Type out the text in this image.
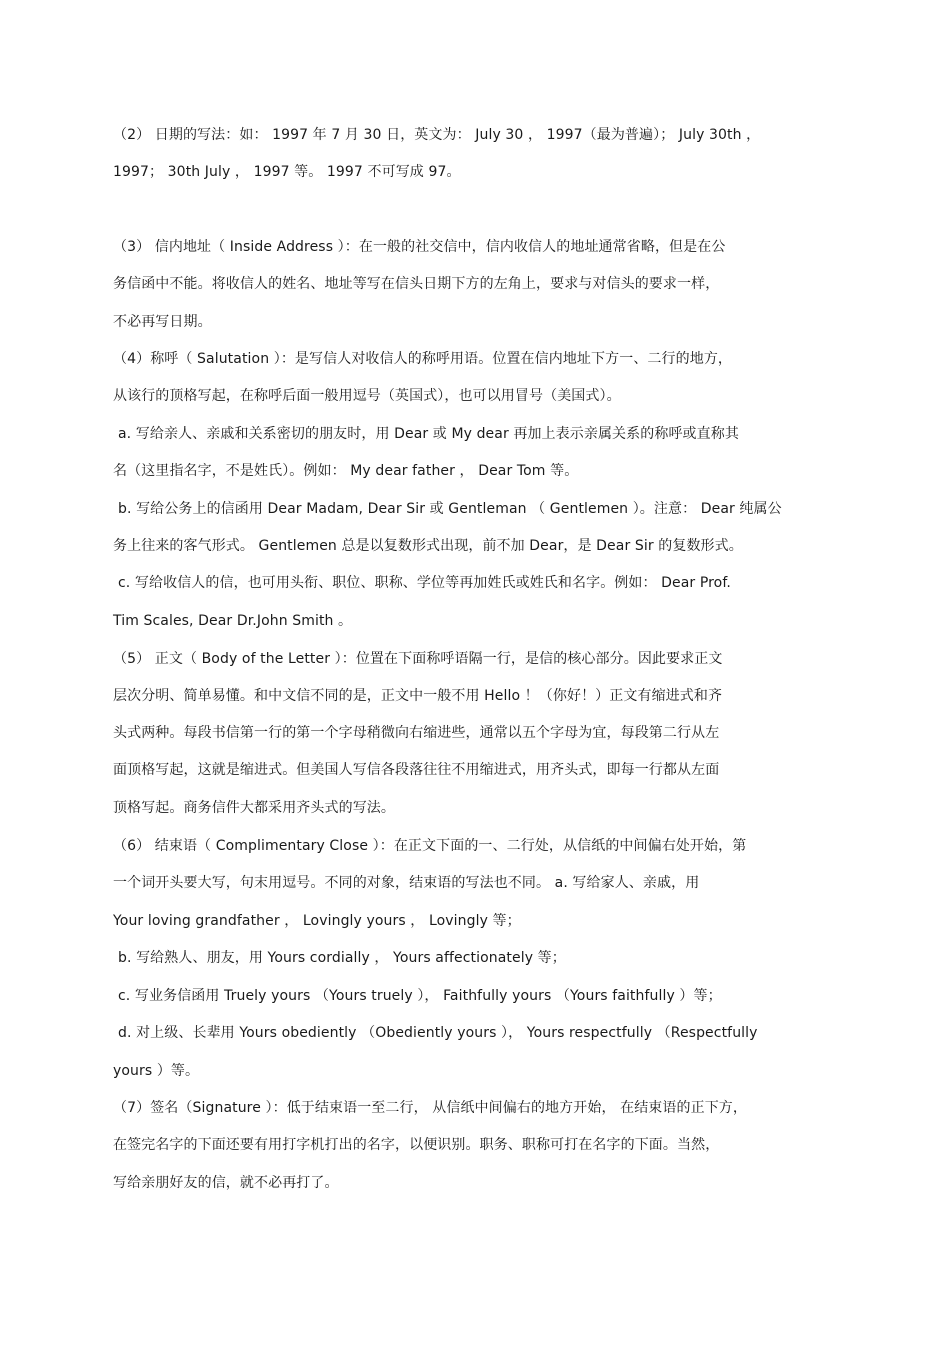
（2） 日期的写法：如： 1997 年 7 月 30 日，英文为： July 30 ， 1997（最为普遍）； July 30th ，
1997； 30th July ， 1997 等。 1997 不可写成 97。
（3） 信内地址（ Inside Address ）：在一般的社交信中，信内收信人的地址通常省略，但是在公
务信函中不能。将收信人的姓名、地址等写在信头日期下方的左角上，要求与对信头的要求一样，
不必再写日期。
（4）称呼（ Salutation ）：是写信人对收信人的称呼用语。位置在信内地址下方一、二行的地方，
从该行的顶格写起，在称呼后面一般用逗号（英国式），也可以用冒号（美国式）。
a. 写给亲人、亲戚和关系密切的朋友时，用 Dear 或 My dear 再加上表示亲属关系的称呼或直称其
名（这里指名字，不是姓氏）。例如： My dear father ， Dear Tom 等。
b. 写给公务上的信函用 Dear Madam, Dear Sir 或 Gentleman （ Gentlemen ）。注意： Dear 纯属公
务上往来的客气形式。 Gentlemen 总是以复数形式出现，前不加 Dear，是 Dear Sir 的复数形式。
c. 写给收信人的信，也可用头衔、职位、职称、学位等再加姓氏或姓氏和名字。例如： Dear Prof.
Tim Scales, Dear Dr.John Smith 。
（5） 正文（ Body of the Letter ）：位置在下面称呼语隔一行，是信的核心部分。因此要求正文
层次分明、简单易懂。和中文信不同的是，正文中一般不用 Hello ！（你好！）正文有缩进式和齐
头式两种。每段书信第一行的第一个字母稍微向右缩进些，通常以五个字母为宜，每段第二行从左
面顶格写起，这就是缩进式。但美国人写信各段落往往不用缩进式，用齐头式，即每一行都从左面
顶格写起。商务信件大都采用齐头式的写法。
（6） 结束语（ Complimentary Close ）：在正文下面的一、二行处，从信纸的中间偏右处开始，第
一个词开头要大写，句末用逗号。不同的对象，结束语的写法也不同。 a. 写给家人、亲戚，用
Your loving grandfather ， Lovingly yours ， Lovingly 等；
b. 写给熟人、朋友，用 Yours cordially ， Yours affectionately 等；
c. 写业务信函用 Truely yours （Yours truely ）， Faithfully yours （Yours faithfully ）等；
d. 对上级、长辈用 Yours obediently （Obediently yours ）， Yours respectfully （Respectfully
yours ）等。
（7）签名（Signature ）：低于结束语一至二行， 从信纸中间偏右的地方开始， 在结束语的正下方，
在签完名字的下面还要有用打字机打出的名字，以便识别。职务、职称可打在名字的下面。当然，
写给亲朋好友的信，就不必再打了。
